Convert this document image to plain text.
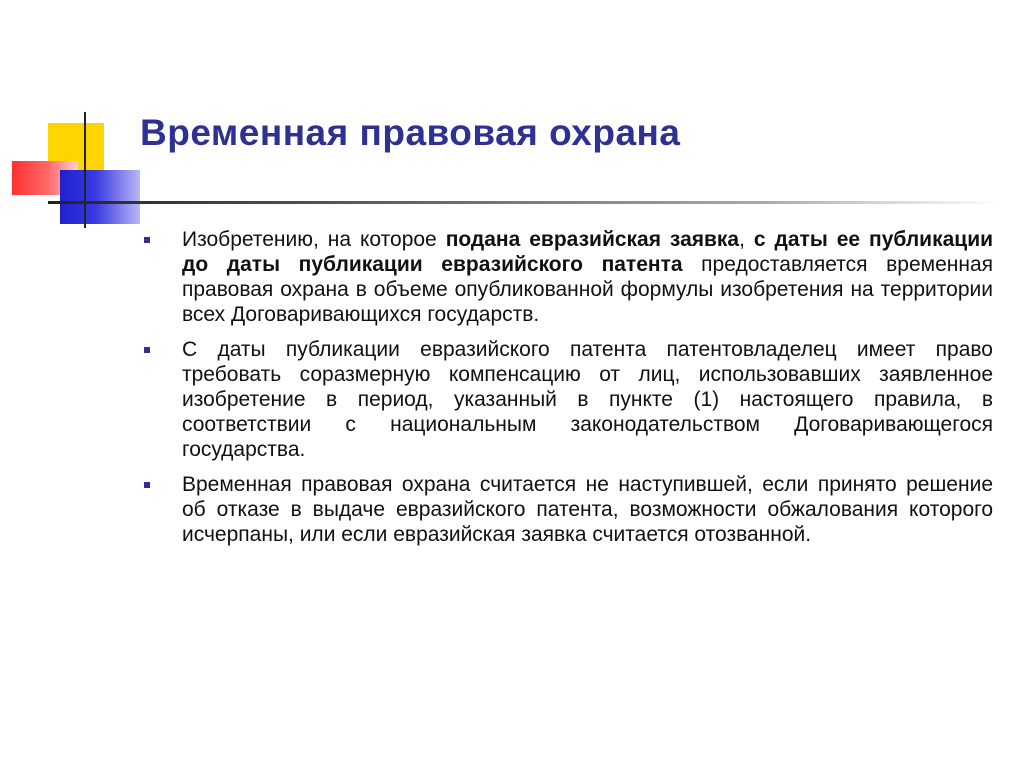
Временная правовая охрана
Изобретению, на которое подана евразийская заявка, с даты ее публикации до даты публикации евразийского патента предоставляется временная правовая охрана в объеме опубликованной формулы изобретения на территории всех Договаривающихся государств.
С даты публикации евразийского патента патентовладелец имеет право требовать соразмерную компенсацию от лиц, использовавших заявленное изобретение в период, указанный в пункте (1) настоящего правила, в соответствии с национальным законодательством Договаривающегося государства.
Временная правовая охрана считается не наступившей, если принято решение об отказе в выдаче евразийского патента, возможности обжалования которого исчерпаны, или если евразийская заявка считается отозванной.
